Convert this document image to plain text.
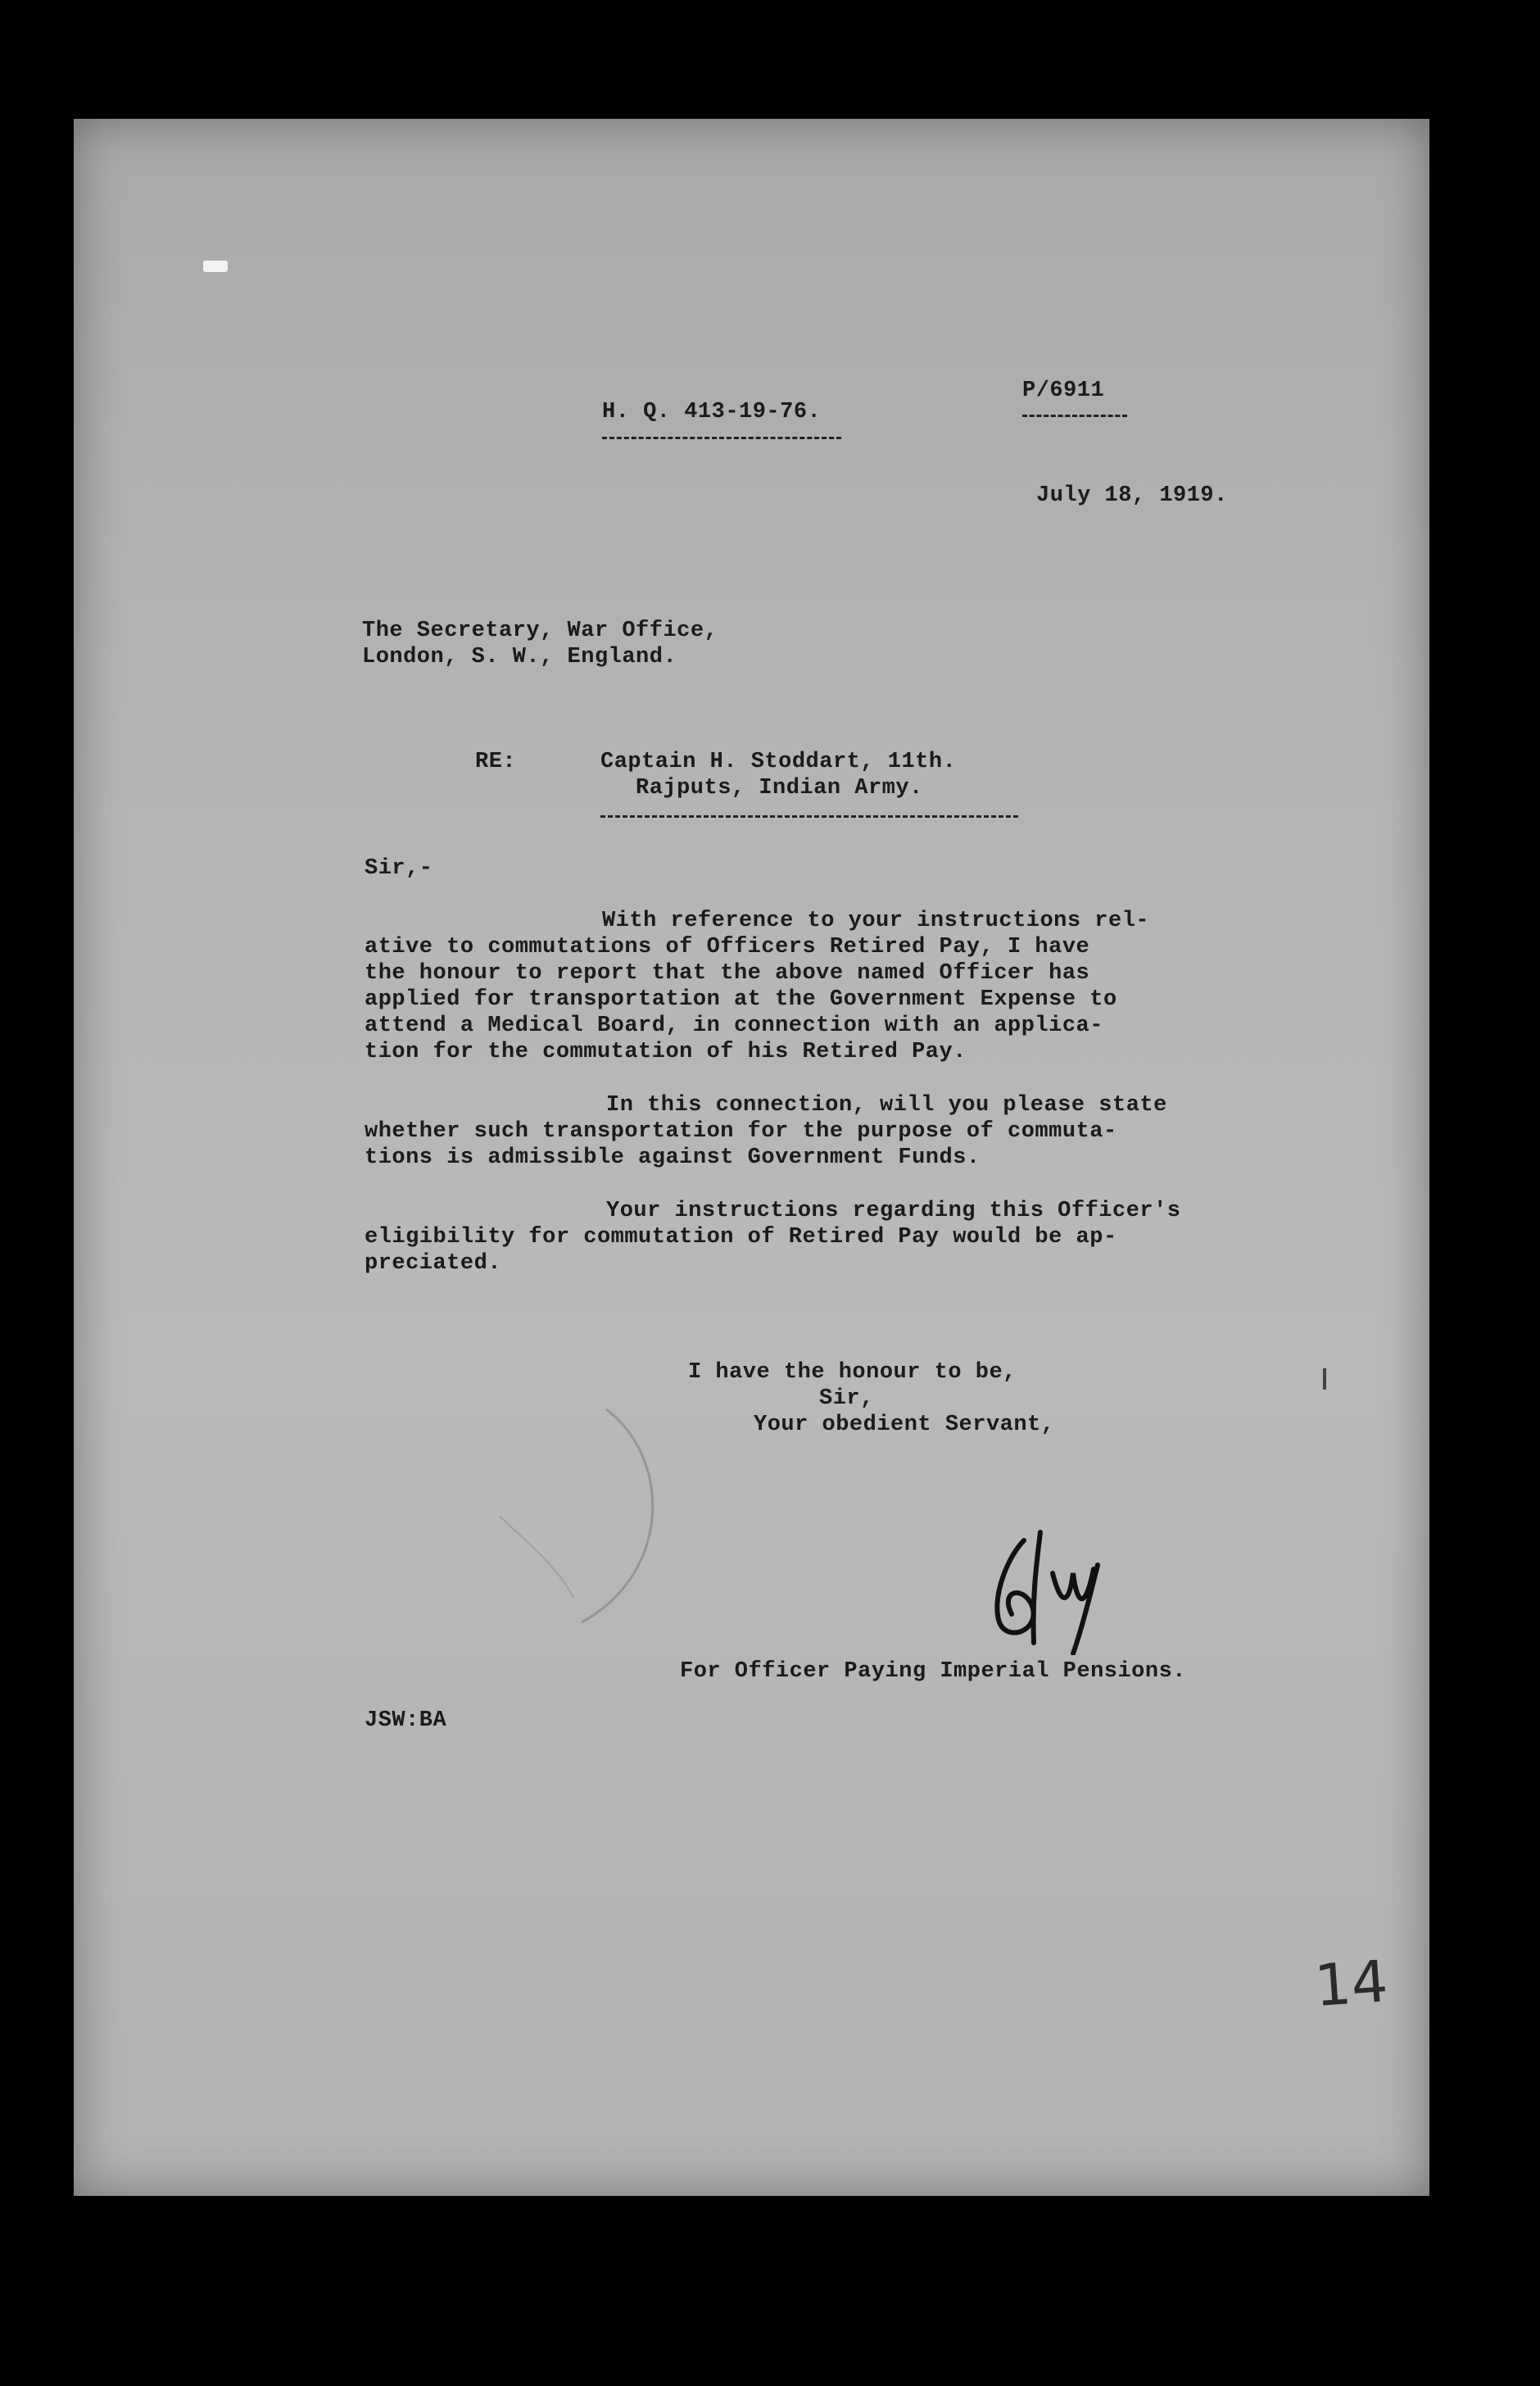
H. Q. 413-19-76.
P/6911
July 18, 1919.
The Secretary, War Office,
London, S. W., England.
RE:	Captain H. Stoddart, 11th.
Rajputs, Indian Army.
Sir,-
With reference to your instructions rel-
ative to commutations of Officers Retired Pay, I have
the honour to report that the above named Officer has
applied for transportation at the Government Expense to
attend a Medical Board, in connection with an applica-
tion for the commutation of his Retired Pay.
In this connection, will you please state
whether such transportation for the purpose of commuta-
tions is admissible against Government Funds.
Your instructions regarding this Officer's
eligibility for commutation of Retired Pay would be ap-
preciated.
I have the honour to be,
Sir,
Your obedient Servant,
For Officer Paying Imperial Pensions.
JSW:BA
14
